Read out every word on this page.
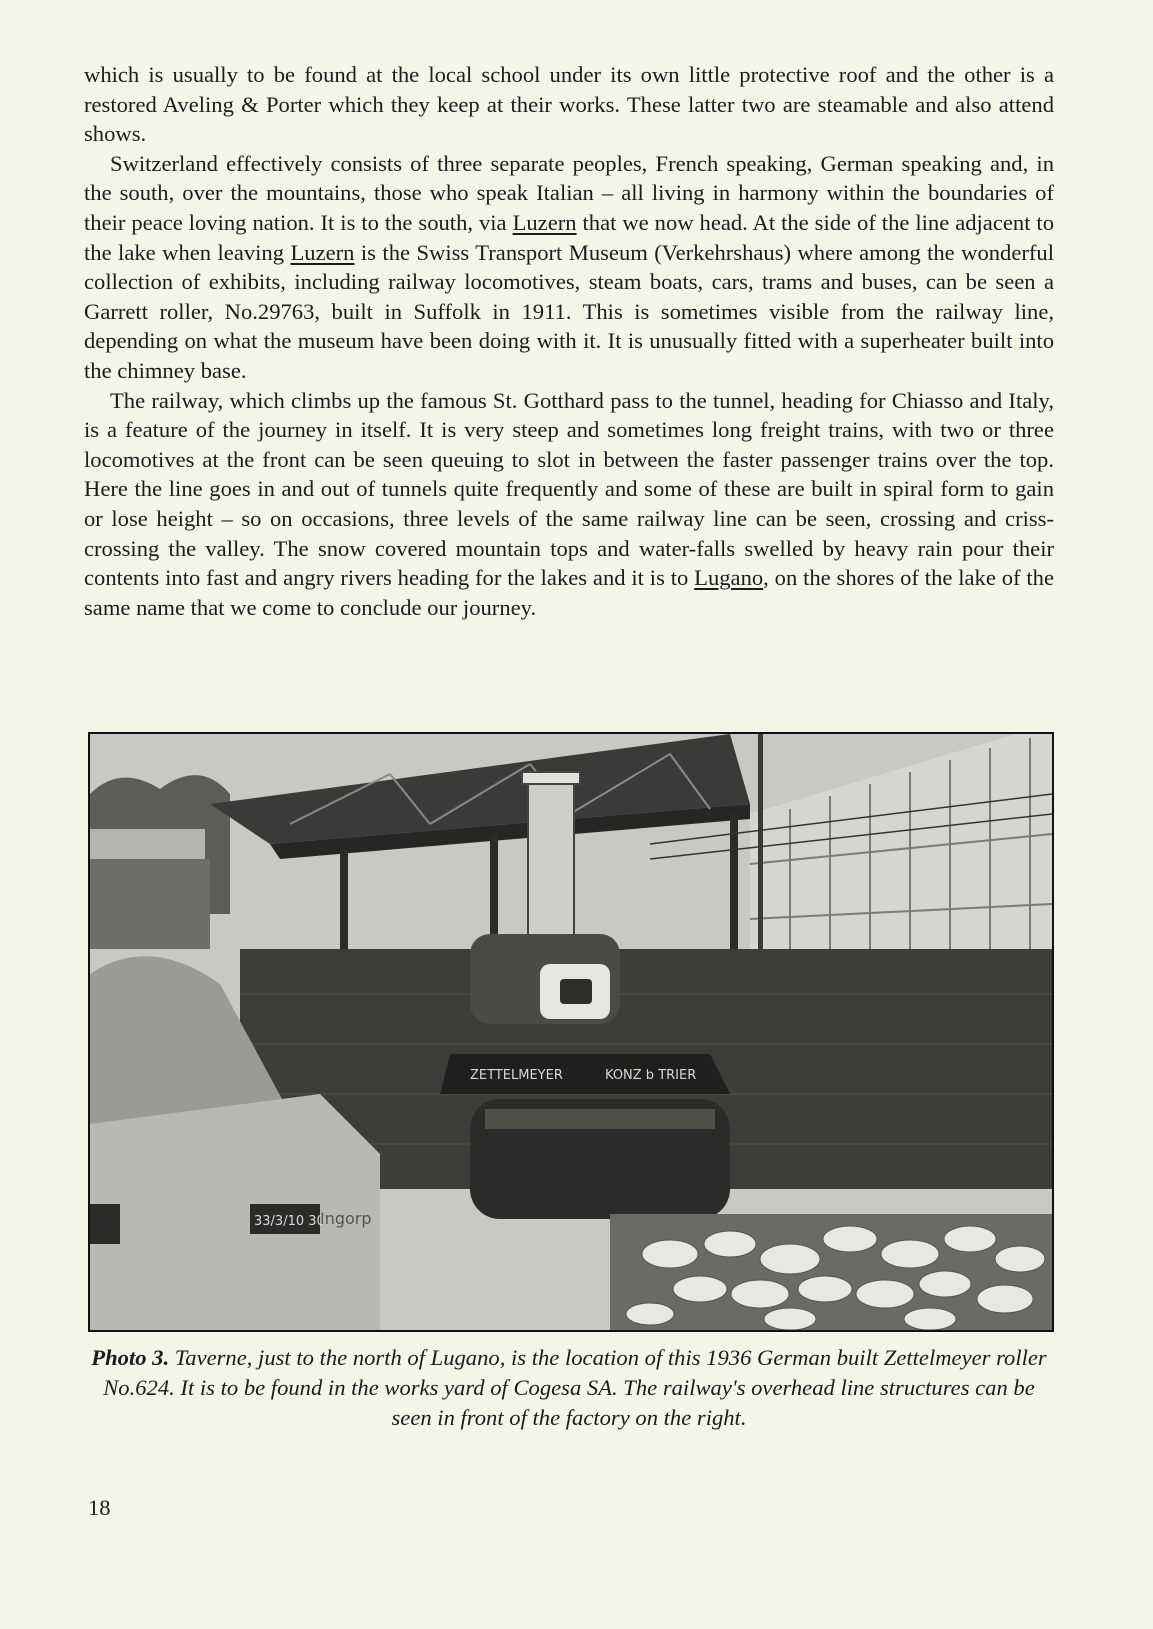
which is usually to be found at the local school under its own little protective roof and the other is a restored Aveling & Porter which they keep at their works. These latter two are steamable and also attend shows.

Switzerland effectively consists of three separate peoples, French speaking, German speaking and, in the south, over the mountains, those who speak Italian – all living in harmony within the boundaries of their peace loving nation. It is to the south, via Luzern that we now head. At the side of the line adjacent to the lake when leaving Luzern is the Swiss Transport Museum (Verkehrshaus) where among the wonderful collection of exhibits, including railway locomotives, steam boats, cars, trams and buses, can be seen a Garrett roller, No.29763, built in Suffolk in 1911. This is sometimes visible from the railway line, depending on what the museum have been doing with it. It is unusually fitted with a superheater built into the chimney base.

The railway, which climbs up the famous St. Gotthard pass to the tunnel, heading for Chiasso and Italy, is a feature of the journey in itself. It is very steep and sometimes long freight trains, with two or three locomotives at the front can be seen queuing to slot in between the faster passenger trains over the top. Here the line goes in and out of tunnels quite frequently and some of these are built in spiral form to gain or lose height – so on occasions, three levels of the same railway line can be seen, crossing and criss-crossing the valley. The snow covered mountain tops and water-falls swelled by heavy rain pour their contents into fast and angry rivers heading for the lakes and it is to Lugano, on the shores of the lake of the same name that we come to conclude our journey.

ZETTELMEYER	KONZ b TRIER
33/3/10 30
Ingorp
Photo 3. Taverne, just to the north of Lugano, is the location of this 1936 German built Zettelmeyer roller No.624. It is to be found in the works yard of Cogesa SA. The railway's overhead line structures can be seen in front of the factory on the right.
18
